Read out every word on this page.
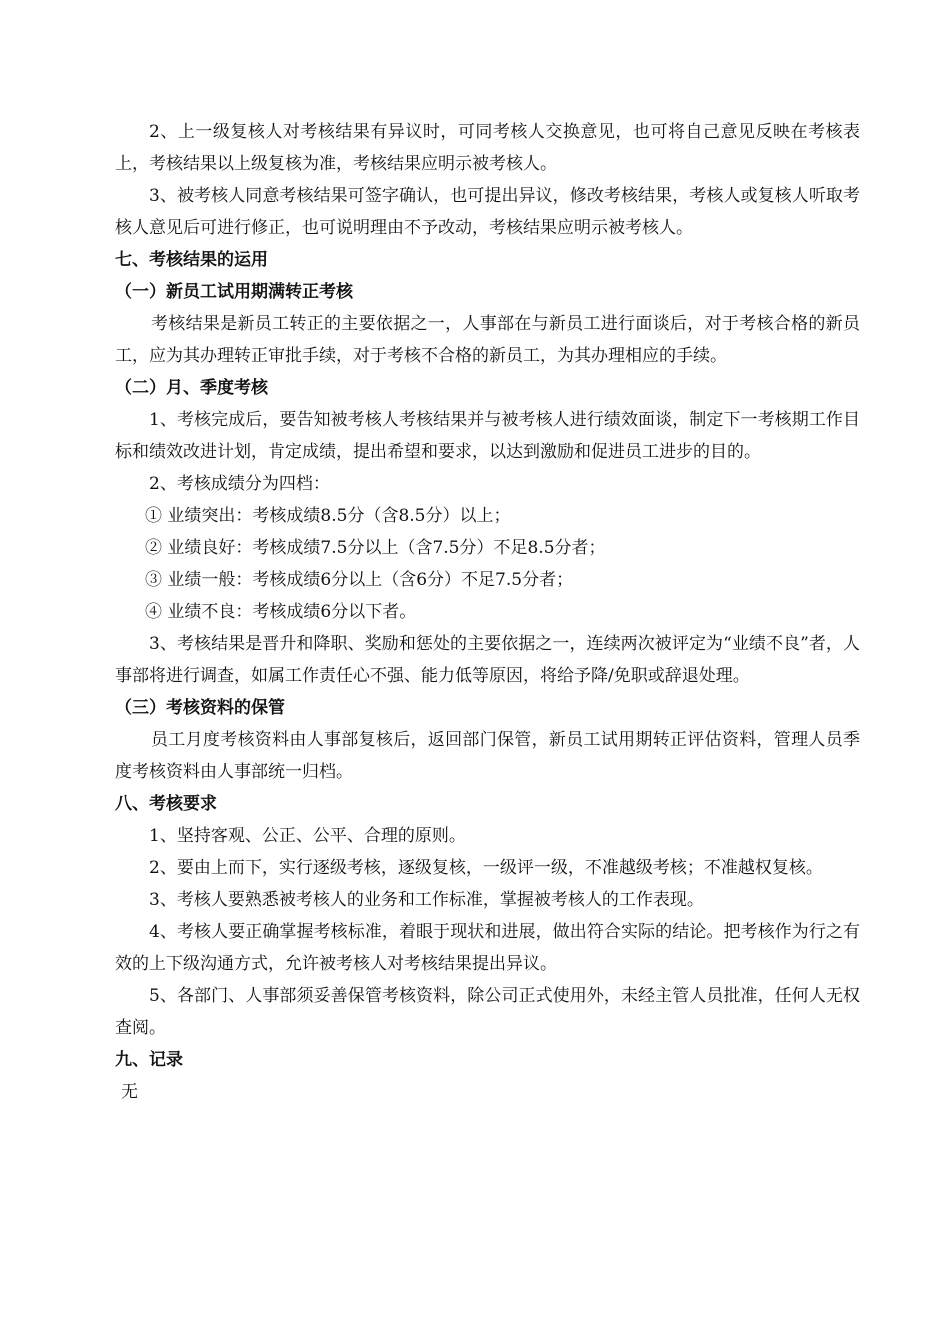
2、上一级复核人对考核结果有异议时，可同考核人交换意见，也可将自己意见反映在考核表上，考核结果以上级复核为准，考核结果应明示被考核人。

3、被考核人同意考核结果可签字确认，也可提出异议，修改考核结果，考核人或复核人听取考核人意见后可进行修正，也可说明理由不予改动，考核结果应明示被考核人。

七、考核结果的运用

（一）新员工试用期满转正考核

考核结果是新员工转正的主要依据之一，人事部在与新员工进行面谈后，对于考核合格的新员工，应为其办理转正审批手续，对于考核不合格的新员工，为其办理相应的手续。

（二）月、季度考核

1、考核完成后，要告知被考核人考核结果并与被考核人进行绩效面谈，制定下一考核期工作目标和绩效改进计划，肯定成绩，提出希望和要求，以达到激励和促进员工进步的目的。

2、考核成绩分为四档：

① 业绩突出：考核成绩8.5分（含8.5分）以上；

② 业绩良好：考核成绩7.5分以上（含7.5分）不足8.5分者；

③ 业绩一般：考核成绩6分以上（含6分）不足7.5分者；

④ 业绩不良：考核成绩6分以下者。

3、考核结果是晋升和降职、奖励和惩处的主要依据之一，连续两次被评定为“业绩不良”者，人事部将进行调查，如属工作责任心不强、能力低等原因，将给予降/免职或辞退处理。

（三）考核资料的保管

员工月度考核资料由人事部复核后，返回部门保管，新员工试用期转正评估资料，管理人员季度考核资料由人事部统一归档。

八、考核要求

1、坚持客观、公正、公平、合理的原则。

2、要由上而下，实行逐级考核，逐级复核，一级评一级，不准越级考核；不准越权复核。

3、考核人要熟悉被考核人的业务和工作标准，掌握被考核人的工作表现。

4、考核人要正确掌握考核标准，着眼于现状和进展，做出符合实际的结论。把考核作为行之有效的上下级沟通方式，允许被考核人对考核结果提出异议。

5、各部门、人事部须妥善保管考核资料，除公司正式使用外，未经主管人员批准，任何人无权查阅。

九、记录

无
